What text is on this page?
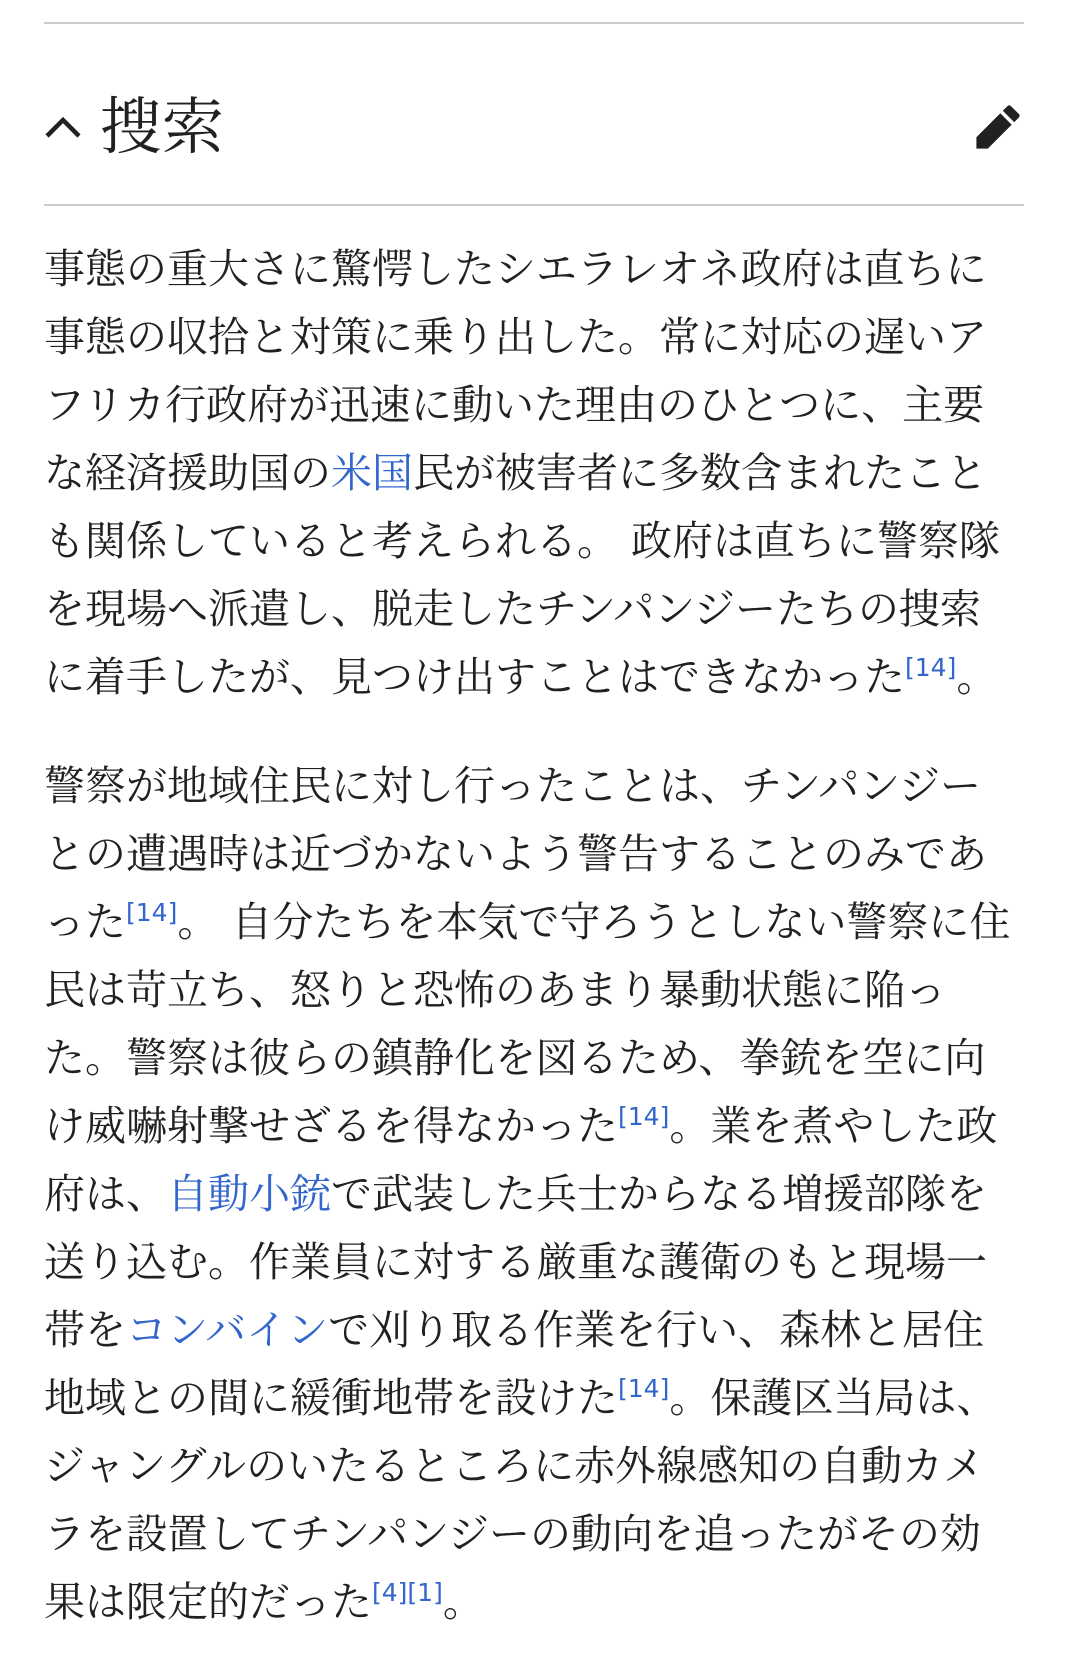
搜索

事態の重大さに驚愕したシエラレオネ政府は直ちに事態の収拾と対策に乗り出した。常に対応の遅いアフリカ行政府が迅速に動いた理由のひとつに、主要な経済援助国の米国民が被害者に多数含まれたことも関係していると考えられる。 政府は直ちに警察隊を現場へ派遣し、脱走したチンパンジーたちの捜索に着手したが、見つけ出すことはできなかった[14]。

警察が地域住民に対し行ったことは、チンパンジーとの遭遇時は近づかないよう警告することのみであった[14]。 自分たちを本気で守ろうとしない警察に住民は苛立ち、怒りと恐怖のあまり暴動状態に陥った。警察は彼らの鎮静化を図るため、拳銃を空に向け威嚇射撃せざるを得なかった[14]。業を煮やした政府は、自動小銃で武装した兵士からなる増援部隊を送り込む。作業員に対する厳重な護衛のもと現場一帯をコンバインで刈り取る作業を行い、森林と居住地域との間に緩衝地帯を設けた[14]。保護区当局は、ジャングルのいたるところに赤外線感知の自動カメラを設置してチンパンジーの動向を追ったがその効果は限定的だった[4][1]。
